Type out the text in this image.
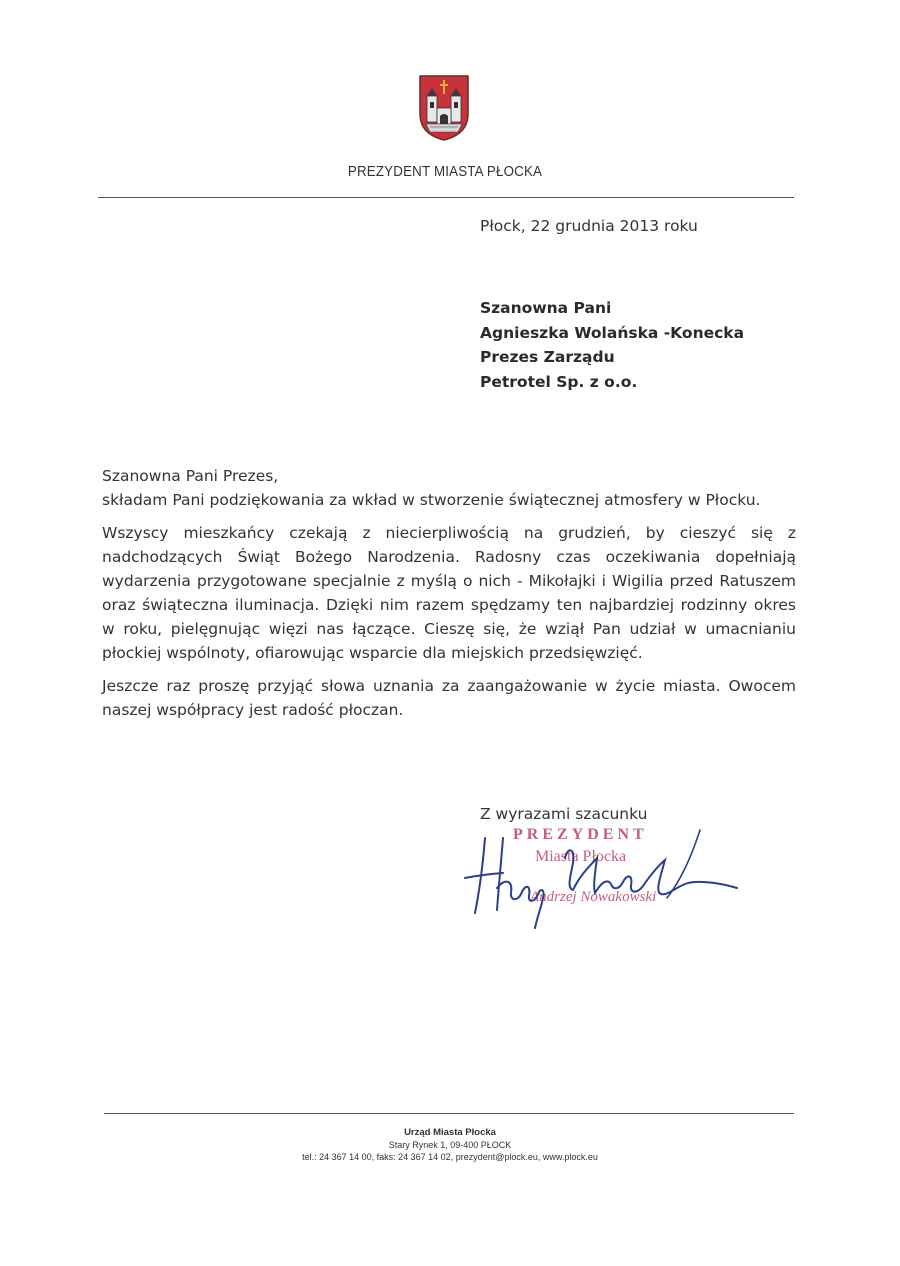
PREZYDENT MIASTA PŁOCKA
Płock, 22 grudnia 2013 roku
Szanowna Pani
Agnieszka Wolańska -Konecka
Prezes Zarządu
Petrotel Sp. z o.o.

Szanowna Pani Prezes,

składam Pani podziękowania za wkład w stworzenie świątecznej atmosfery w Płocku.

Wszyscy mieszkańcy czekają z niecierpliwością na grudzień, by cieszyć się z nadchodzących Świąt Bożego Narodzenia. Radosny czas oczekiwania dopełniają wydarzenia przygotowane specjalnie z myślą o nich - Mikołajki i Wigilia przed Ratuszem oraz świąteczna iluminacja. Dzięki nim razem spędzamy ten najbardziej rodzinny okres w roku, pielęgnując więzi nas łączące. Cieszę się, że wziął Pan udział w umacnianiu płockiej wspólnoty, ofiarowując wsparcie dla miejskich przedsięwzięć.

Jeszcze raz proszę przyjąć słowa uznania za zaangażowanie w życie miasta. Owocem naszej współpracy jest radość płoczan.

Z wyrazami szacunku
PREZYDENT
Miasta Płocka
Andrzej Nowakowski
Urząd Miasta Płocka
Stary Rynek 1, 09-400 PŁOCK
tel.: 24 367 14 00, faks: 24 367 14 02, prezydent@plock.eu, www.plock.eu
